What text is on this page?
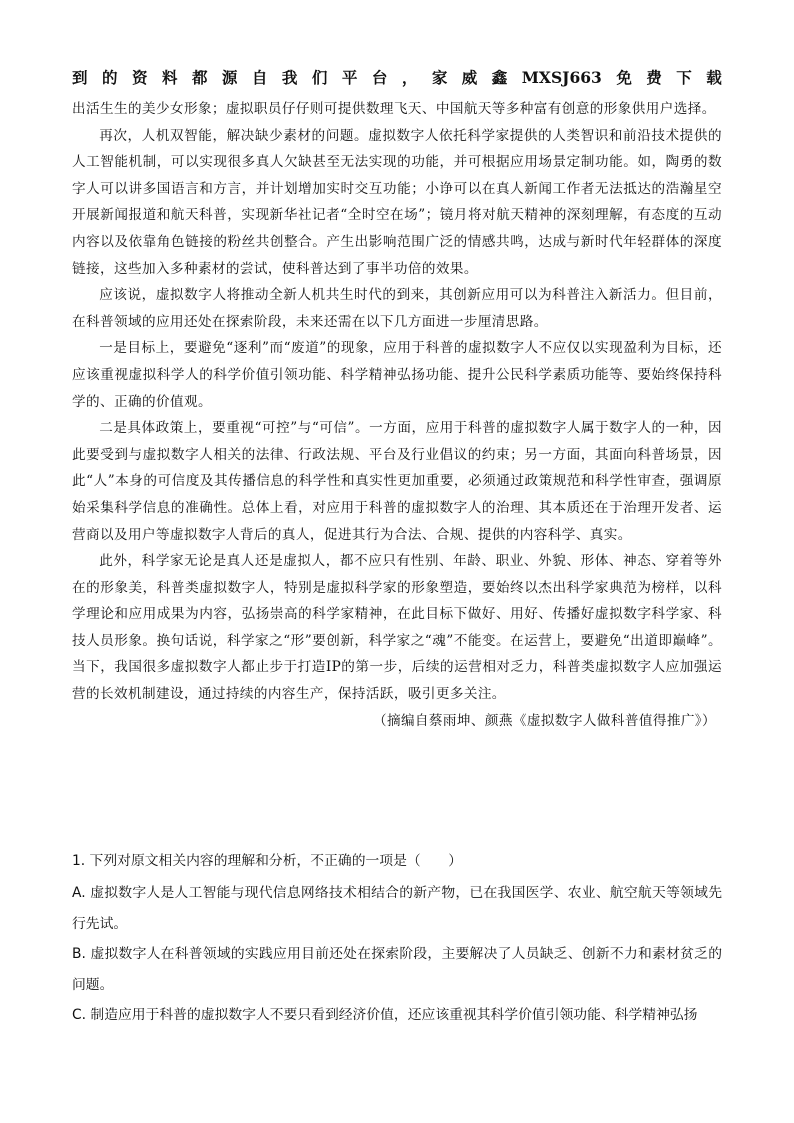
到 的 资 料 都 源 自 我 们 平 台 ， 家 威 鑫 MXSJ663 免 费 下 载

出活生生的美少女形象；虚拟职员仔仔则可提供数理飞天、中国航天等多种富有创意的形象供用户选择。

再次，人机双智能，解决缺少素材的问题。虚拟数字人依托科学家提供的人类智识和前沿技术提供的人工智能机制，可以实现很多真人欠缺甚至无法实现的功能，并可根据应用场景定制功能。如，陶勇的数字人可以讲多国语言和方言，并计划增加实时交互功能；小诤可以在真人新闻工作者无法抵达的浩瀚星空开展新闻报道和航天科普，实现新华社记者“全时空在场”；镜月将对航天精神的深刻理解，有态度的互动内容以及依靠角色链接的粉丝共创整合。产生出影响范围广泛的情感共鸣，达成与新时代年轻群体的深度链接，这些加入多种素材的尝试，使科普达到了事半功倍的效果。

应该说，虚拟数字人将推动全新人机共生时代的到来，其创新应用可以为科普注入新活力。但目前，在科普领域的应用还处在探索阶段，未来还需在以下几方面进一步厘清思路。

一是目标上，要避免“逐利”而“废道”的现象，应用于科普的虚拟数字人不应仅以实现盈利为目标，还应该重视虚拟科学人的科学价值引领功能、科学精神弘扬功能、提升公民科学素质功能等、要始终保持科学的、正确的价值观。

二是具体政策上，要重视“可控”与“可信”。一方面，应用于科普的虚拟数字人属于数字人的一种，因此要受到与虚拟数字人相关的法律、行政法规、平台及行业倡议的约束；另一方面，其面向科普场景，因此“人”本身的可信度及其传播信息的科学性和真实性更加重要，必须通过政策规范和科学性审查，强调原始采集科学信息的准确性。总体上看，对应用于科普的虚拟数字人的治理、其本质还在于治理开发者、运营商以及用户等虚拟数字人背后的真人，促进其行为合法、合规、提供的内容科学、真实。

此外，科学家无论是真人还是虚拟人，都不应只有性别、年龄、职业、外貌、形体、神态、穿着等外在的形象美，科普类虚拟数字人，特别是虚拟科学家的形象塑造，要始终以杰出科学家典范为榜样，以科学理论和应用成果为内容，弘扬崇高的科学家精神，在此目标下做好、用好、传播好虚拟数字科学家、科技人员形象。换句话说，科学家之“形”要创新，科学家之“魂”不能变。在运营上，要避免“出道即巅峰”。当下，我国很多虚拟数字人都止步于打造IP的第一步，后续的运营相对乏力，科普类虚拟数字人应加强运营的长效机制建设，通过持续的内容生产，保持活跃，吸引更多关注。

（摘编自蔡雨坤、颜燕《虚拟数字人做科普值得推广》）

1. 下列对原文相关内容的理解和分析，不正确的一项是（　　）

A. 虚拟数字人是人工智能与现代信息网络技术相结合的新产物，已在我国医学、农业、航空航天等领域先行先试。

B. 虚拟数字人在科普领域的实践应用目前还处在探索阶段，主要解决了人员缺乏、创新不力和素材贫乏的问题。

C. 制造应用于科普的虚拟数字人不要只看到经济价值，还应该重视其科学价值引领功能、科学精神弘扬
